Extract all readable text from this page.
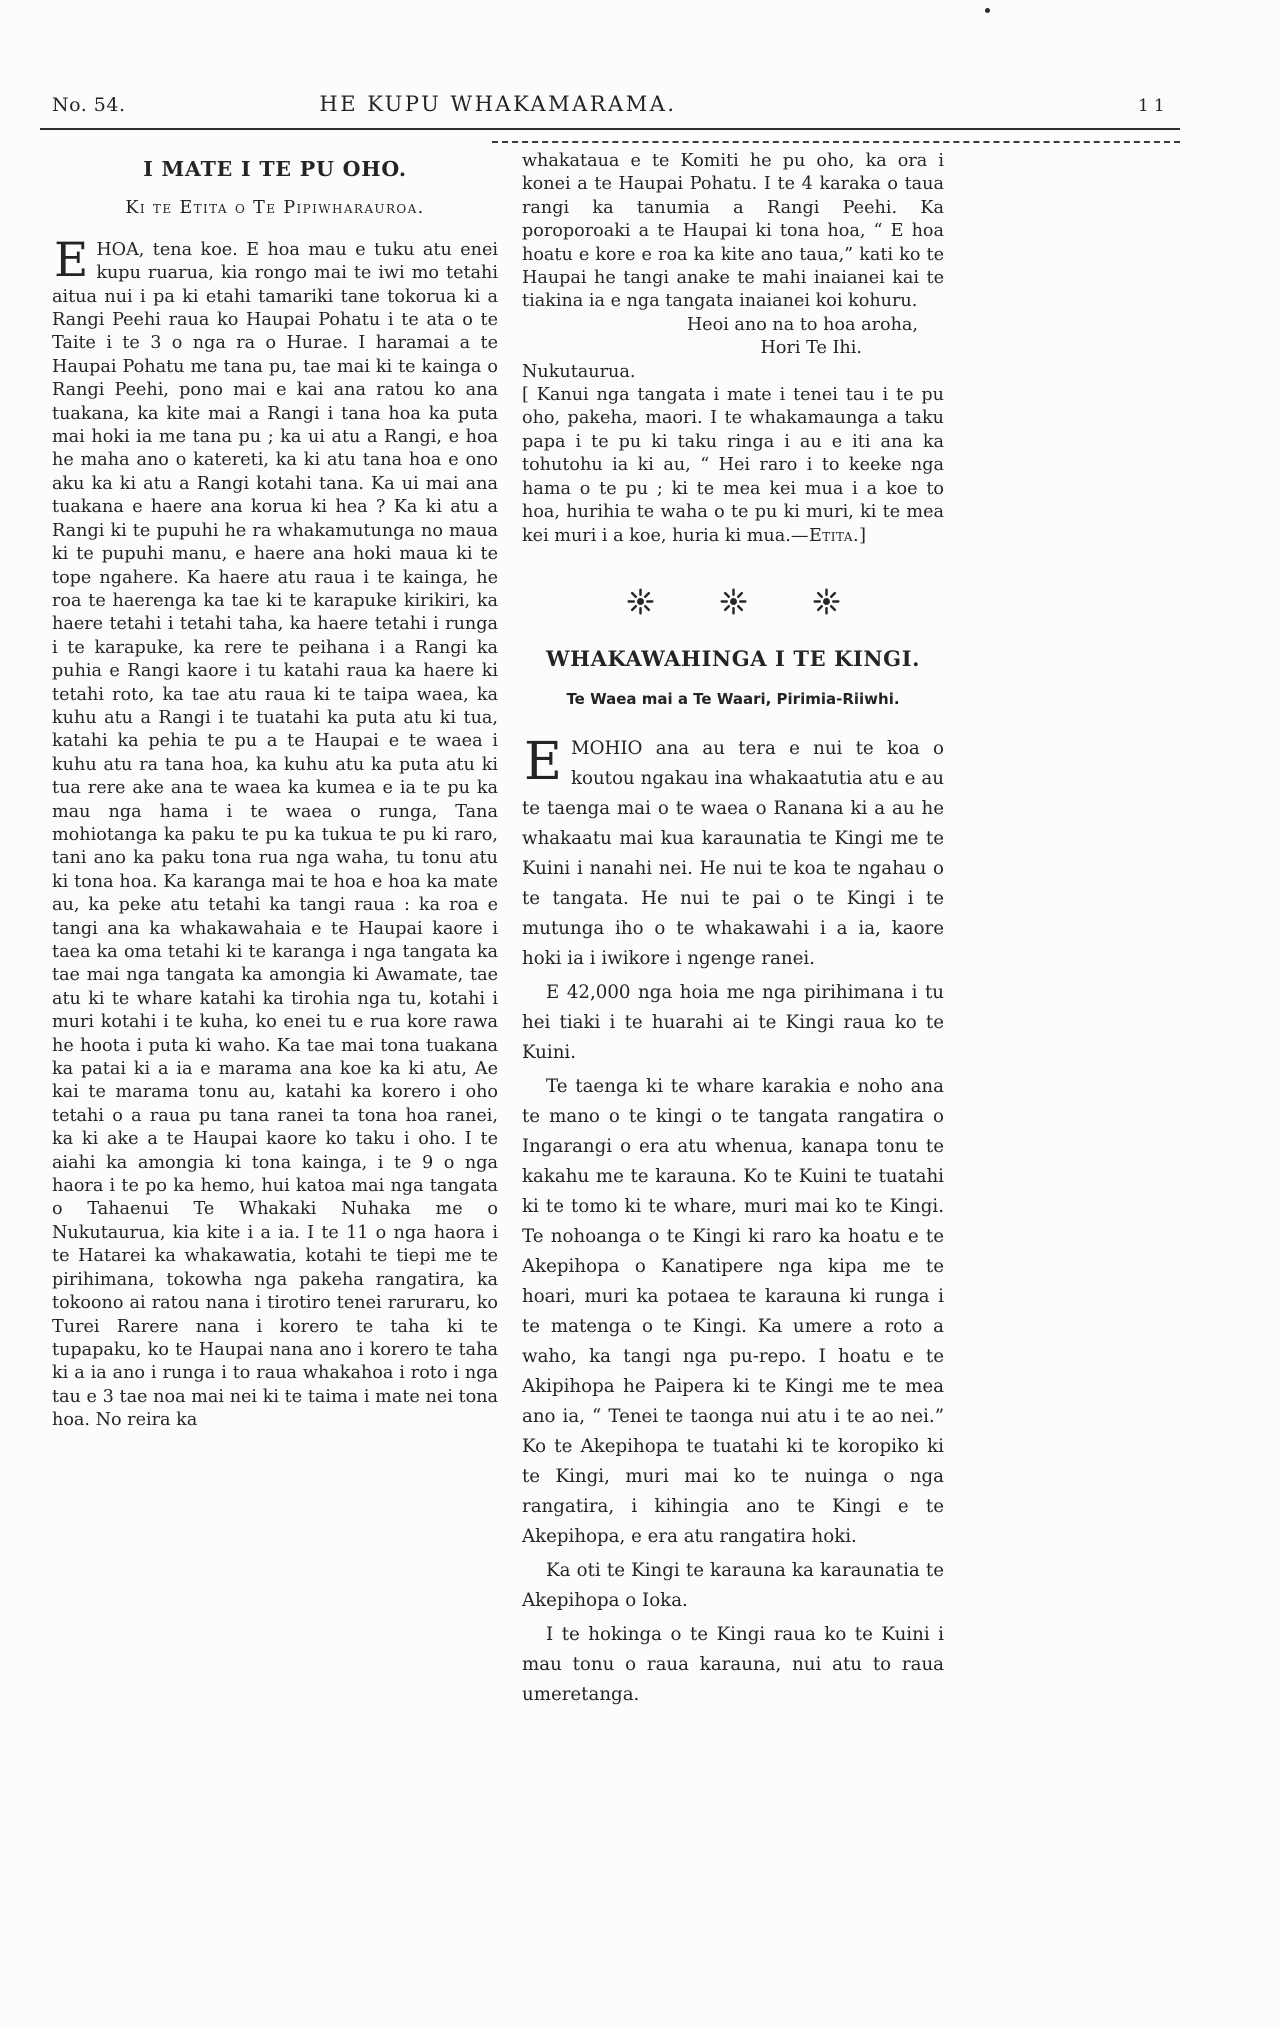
No. 54.	HE KUPU WHAKAMARAMA.	11
I MATE I TE PU OHO.
Ki te Etita o Te Pipiwharauroa.

EHOA, tena koe. E hoa mau e tuku atu enei kupu ruarua, kia rongo mai te iwi mo tetahi aitua nui i pa ki etahi tamariki tane tokorua ki a Rangi Peehi raua ko Haupai Pohatu i te ata o te Taite i te 3 o nga ra o Hurae. I haramai a te Haupai Pohatu me tana pu, tae mai ki te kainga o Rangi Peehi, pono mai e kai ana ratou ko ana tuakana, ka kite mai a Rangi i tana hoa ka puta mai hoki ia me tana pu ; ka ui atu a Rangi, e hoa he maha ano o katereti, ka ki atu tana hoa e ono aku ka ki atu a Rangi kotahi tana. Ka ui mai ana tuakana e haere ana korua ki hea ? Ka ki atu a Rangi ki te pupuhi he ra whakamutunga no maua ki te pupuhi manu, e haere ana hoki maua ki te tope ngahere. Ka haere atu raua i te kainga, he roa te haerenga ka tae ki te karapuke kirikiri, ka haere tetahi i tetahi taha, ka haere tetahi i runga i te karapuke, ka rere te peihana i a Rangi ka puhia e Rangi kaore i tu katahi raua ka haere ki tetahi roto, ka tae atu raua ki te taipa waea, ka kuhu atu a Rangi i te tuatahi ka puta atu ki tua, katahi ka pehia te pu a te Haupai e te waea i kuhu atu ra tana hoa, ka kuhu atu ka puta atu ki tua rere ake ana te waea ka kumea e ia te pu ka mau nga hama i te waea o runga, Tana mohiotanga ka paku te pu ka tukua te pu ki raro, tani ano ka paku tona rua nga waha, tu tonu atu ki tona hoa. Ka karanga mai te hoa e hoa ka mate au, ka peke atu tetahi ka tangi raua : ka roa e tangi ana ka whakawahaia e te Haupai kaore i taea ka oma tetahi ki te karanga i nga tangata ka tae mai nga tangata ka amongia ki Awamate, tae atu ki te whare katahi ka tirohia nga tu, kotahi i muri kotahi i te kuha, ko enei tu e rua kore rawa he hoota i puta ki waho. Ka tae mai tona tuakana ka patai ki a ia e marama ana koe ka ki atu, Ae kai te marama tonu au, katahi ka korero i oho tetahi o a raua pu tana ranei ta tona hoa ranei, ka ki ake a te Haupai kaore ko taku i oho. I te aiahi ka amongia ki tona kainga, i te 9 o nga haora i te po ka hemo, hui katoa mai nga tangata o Tahaenui Te Whakaki Nuhaka me o Nukutaurua, kia kite i a ia. I te 11 o nga haora i te Hatarei ka whakawatia, kotahi te tiepi me te pirihimana, tokowha nga pakeha rangatira, ka tokoono ai ratou nana i tirotiro tenei raruraru, ko Turei Rarere nana i korero te taha ki te tupapaku, ko te Haupai nana ano i korero te taha ki a ia ano i runga i to raua whakahoa i roto i nga tau e 3 tae noa mai nei ki te taima i mate nei tona hoa. No reira ka

whakataua e te Komiti he pu oho, ka ora i konei a te Haupai Pohatu. I te 4 karaka o taua rangi ka tanumia a Rangi Peehi. Ka poroporoaki a te Haupai ki tona hoa, “ E hoa hoatu e kore e roa ka kite ano taua,” kati ko te Haupai he tangi anake te mahi inaianei kai te tiakina ia e nga tangata inaianei koi kohuru.

Heoi ano na to hoa aroha,

Hori Te Ihi.

Nukutaurua.

[ Kanui nga tangata i mate i tenei tau i te pu oho, pakeha, maori. I te whakamaunga a taku papa i te pu ki taku ringa i au e iti ana ka tohutohu ia ki au, “ Hei raro i to keeke nga hama o te pu ; ki te mea kei mua i a koe to hoa, hurihia te waha o te pu ki muri, ki te mea kei muri i a koe, huria ki mua.—Etita.]

WHAKAWAHINGA I TE KINGI.
Te Waea mai a Te Waari, Pirimia-Riiwhi.

EMOHIO ana au tera e nui te koa o koutou ngakau ina whakaatutia atu e au te taenga mai o te waea o Ranana ki a au he whakaatu mai kua karaunatia te Kingi me te Kuini i nanahi nei. He nui te koa te ngahau o te tangata. He nui te pai o te Kingi i te mutunga iho o te whakawahi i a ia, kaore hoki ia i iwikore i ngenge ranei.

E 42,000 nga hoia me nga pirihimana i tu hei tiaki i te huarahi ai te Kingi raua ko te Kuini.

Te taenga ki te whare karakia e noho ana te mano o te kingi o te tangata rangatira o Ingarangi o era atu whenua, kanapa tonu te kakahu me te karauna. Ko te Kuini te tuatahi ki te tomo ki te whare, muri mai ko te Kingi. Te nohoanga o te Kingi ki raro ka hoatu e te Akepihopa o Kanatipere nga kipa me te hoari, muri ka potaea te karauna ki runga i te matenga o te Kingi. Ka umere a roto a waho, ka tangi nga pu-repo. I hoatu e te Akipihopa he Paipera ki te Kingi me te mea ano ia, “ Tenei te taonga nui atu i te ao nei.” Ko te Akepihopa te tuatahi ki te koropiko ki te Kingi, muri mai ko te nuinga o nga rangatira, i kihingia ano te Kingi e te Akepihopa, e era atu rangatira hoki.

Ka oti te Kingi te karauna ka karaunatia te Akepihopa o Ioka.

I te hokinga o te Kingi raua ko te Kuini i mau tonu o raua karauna, nui atu to raua umeretanga.
